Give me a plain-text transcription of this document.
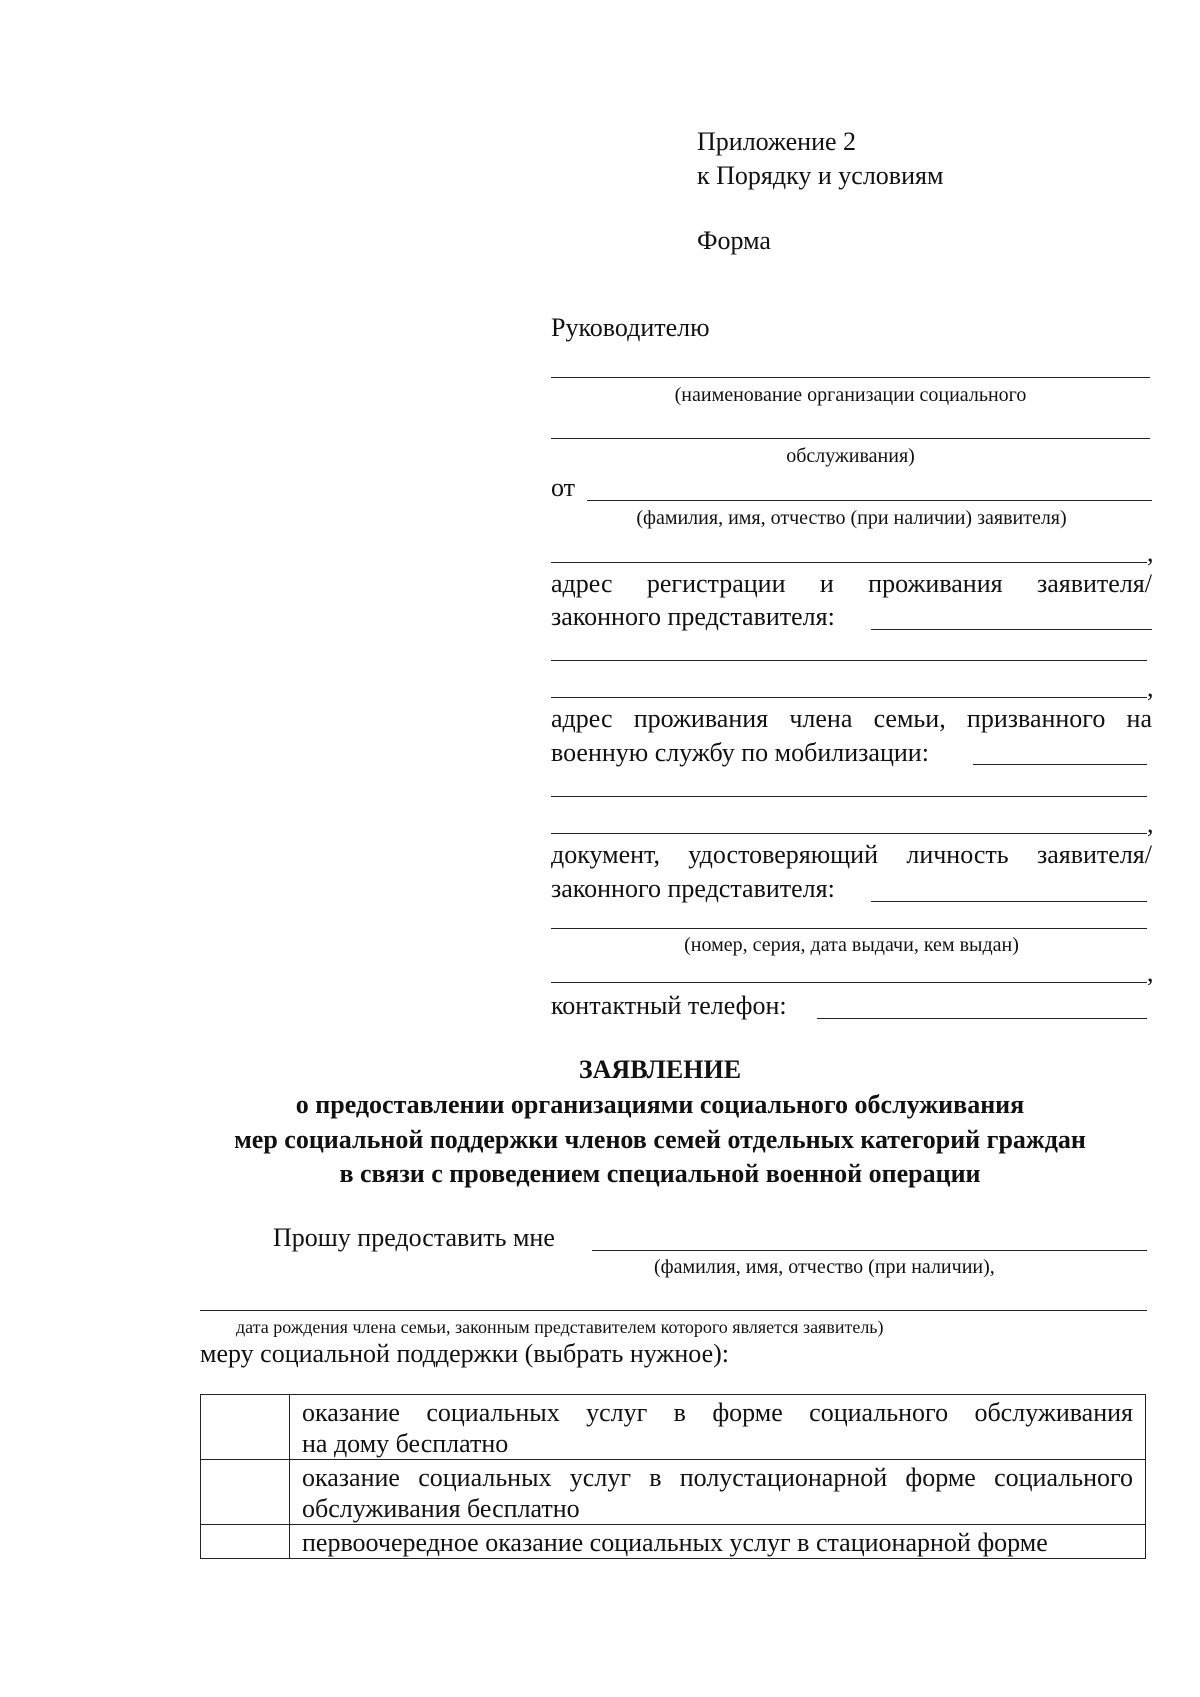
Приложение 2
к Порядку и условиям
Форма
Руководителю
(наименование организации социального
обслуживания)
от
(фамилия, имя, отчество (при наличии) заявителя)
,
адрес регистрации и проживания заявителя/
законного представителя:
,
адрес проживания члена семьи, призванного на
военную службу по мобилизации:
,
документ, удостоверяющий личность заявителя/
законного представителя:
(номер, серия, дата выдачи, кем выдан)
,
контактный телефон:
ЗАЯВЛЕНИЕ
о предоставлении организациями социального обслуживания
мер социальной поддержки членов семей отдельных категорий граждан
в связи с проведением специальной военной операции
Прошу предоставить мне
(фамилия, имя, отчество (при наличии),
дата рождения члена семьи, законным представителем которого является заявитель)
меру социальной поддержки (выбрать нужное):

	оказание социальных услуг в форме социального обслуживания
на дому бесплатно

	оказание социальных услуг в полустационарной форме социального
обслуживания бесплатно

	первоочередное оказание социальных услуг в стационарной форме
